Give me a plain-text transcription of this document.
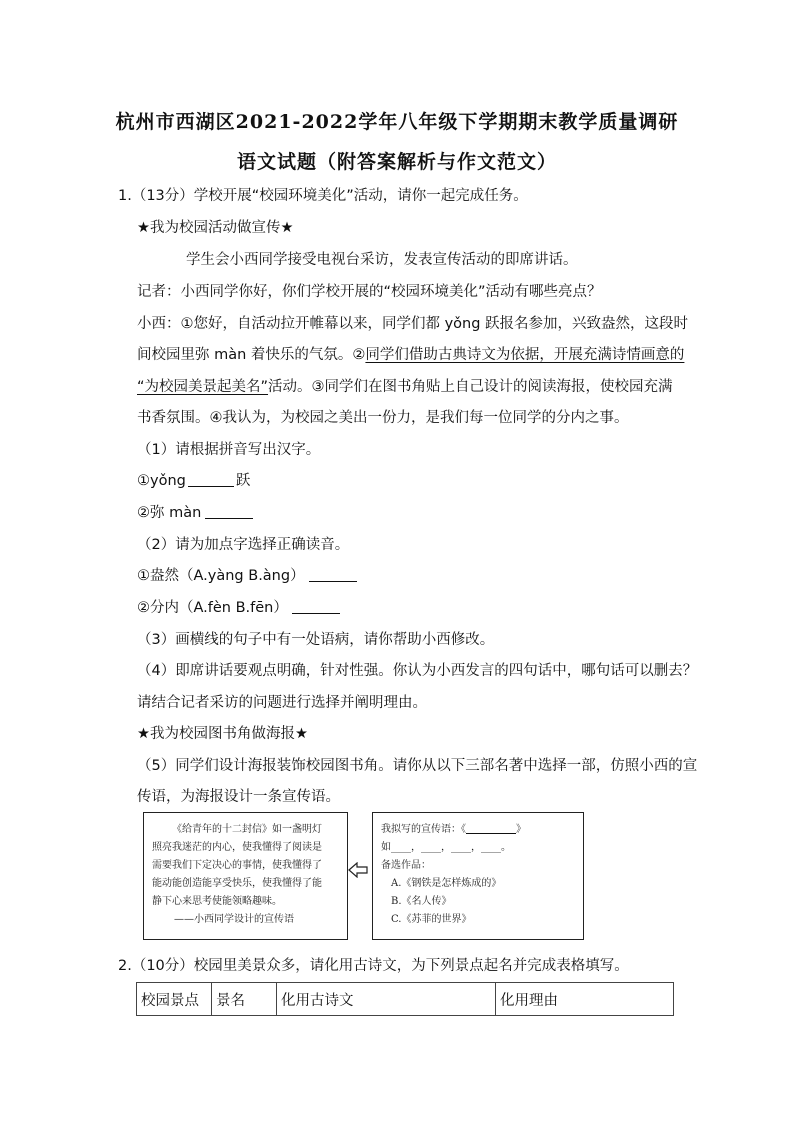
杭州市西湖区2021-2022学年八年级下学期期末教学质量调研
语文试题（附答案解析与作文范文）
1.（13分）学校开展“校园环境美化”活动，请你一起完成任务。
★我为校园活动做宣传★
学生会小西同学接受电视台采访，发表宣传活动的即席讲话。
记者：小西同学你好，你们学校开展的“校园环境美化”活动有哪些亮点？
小西：①您好，自活动拉开帷幕以来，同学们都 yǒng 跃报名参加，兴致盎然，这段时
间校园里弥 màn 着快乐的气氛。②同学们借助古典诗文为依据，开展充满诗情画意的
“为校园美景起美名”活动。③同学们在图书角贴上自己设计的阅读海报，使校园充满
书香氛围。④我认为，为校园之美出一份力，是我们每一位同学的分内之事。
（1）请根据拼音写出汉字。
①yǒng	跃
②弥 màn
（2）请为加点字选择正确读音。
①盎然（A.yàng B.àng）
②分内（A.fèn B.fēn）
（3）画横线的句子中有一处语病，请你帮助小西修改。
（4）即席讲话要观点明确，针对性强。你认为小西发言的四句话中，哪句话可以删去？
请结合记者采访的问题进行选择并阐明理由。
★我为校园图书角做海报★
（5）同学们设计海报装饰校园图书角。请你从以下三部名著中选择一部，仿照小西的宣
传语，为海报设计一条宣传语。
《给青年的十二封信》如一盏明灯
照亮我迷茫的内心，使我懂得了阅读是
需要我们下定决心的事情，使我懂得了
能动能创造能享受快乐，使我懂得了能
静下心来思考使能领略趣味。
——小西同学设计的宣传语
我拟写的宣传语：《	》
如____，____，____，____。
备选作品：
A.《钢铁是怎样炼成的》
B.《名人传》
C.《苏菲的世界》
2.（10分）校园里美景众多，请化用古诗文，为下列景点起名并完成表格填写。
校园景点	景名	化用古诗文	化用理由
